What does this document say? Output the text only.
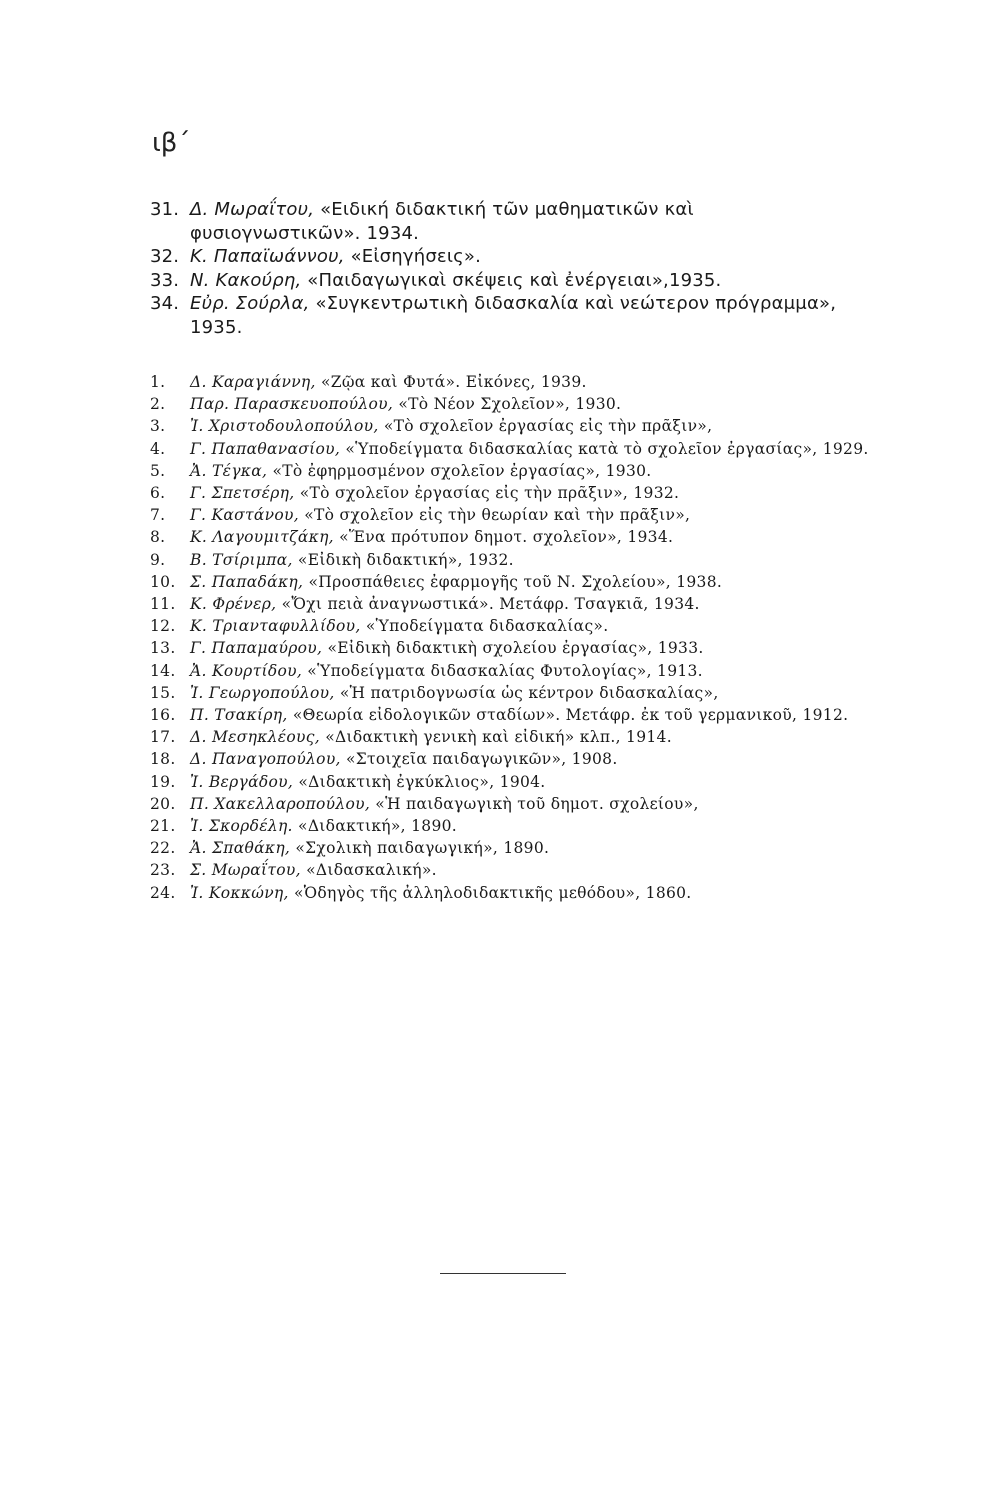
ιβ΄
31. Δ. Μωραΐτου, «Ειδική διδακτική τῶν μαθηματικῶν καὶ φυσιογνωστικῶν». 1934.
32. Κ. Παπαϊωάννου, «Εἰσηγήσεις».
33. Ν. Κακούρη, «Παιδαγωγικαὶ σκέψεις καὶ ἐνέργειαι»,1935.
34. Εὐρ. Σούρλα, «Συγκεντρωτικὴ διδασκαλία καὶ νεώτερον πρόγραμμα», 1935.
1.	Δ. Καραγιάννη, «Ζῷα καὶ Φυτά». Εἰκόνες, 1939.
2.	Παρ. Παρασκευοπούλου, «Τὸ Νέον Σχολεῖον», 1930.
3.	Ἰ. Χριστοδουλοπούλου, «Τὸ σχολεῖον ἐργασίας εἰς τὴν πρᾶξιν»,
4.	Γ. Παπαθανασίου, «Ὑποδείγματα διδασκαλίας κατὰ τὸ σχολεῖον ἐργασίας», 1929.
5.	Ἀ. Τέγκα, «Τὸ ἐφηρμοσμένον σχολεῖον ἐργασίας», 1930.
6.	Γ. Σπετσέρη, «Τὸ σχολεῖον ἐργασίας εἰς τὴν πρᾶξιν», 1932.
7.	Γ. Καστάνου, «Τὸ σχολεῖον εἰς τὴν θεωρίαν καὶ τὴν πρᾶξιν»,
8.	Κ. Λαγουμιτζάκη, «Ἕνα πρότυπον δημοτ. σχολεῖον», 1934.
9.	Β. Τσίριμπα, «Εἰδικὴ διδακτική», 1932.
10. Σ. Παπαδάκη, «Προσπάθειες ἐφαρμογῆς τοῦ Ν. Σχολείου», 1938.
11. Κ. Φρένερ, «Ὄχι πειὰ ἀναγνωστικά». Μετάφρ. Τσαγκιᾶ, 1934.
12. Κ. Τριανταφυλλίδου, «Ὑποδείγματα διδασκαλίας».
13. Γ. Παπαμαύρου, «Εἰδικὴ διδακτικὴ σχολείου ἐργασίας», 1933.
14. Ἀ. Κουρτίδου, «Ὑποδείγματα διδασκαλίας Φυτολογίας», 1913.
15. Ἰ. Γεωργοπούλου, «Ἡ πατριδογνωσία ὡς κέντρον διδασκαλίας»,
16. Π. Τσακίρη, «Θεωρία εἰδολογικῶν σταδίων». Μετάφρ. ἐκ τοῦ γερμανικοῦ, 1912.
17. Δ. Μεσηκλέους, «Διδακτικὴ γενικὴ καὶ εἰδική» κλπ., 1914.
18. Δ. Παναγοπούλου, «Στοιχεῖα παιδαγωγικῶν», 1908.
19. Ἰ. Βεργάδου, «Διδακτικὴ ἐγκύκλιος», 1904.
20. Π. Χακελλαροπούλου, «Ἡ παιδαγωγικὴ τοῦ δημοτ. σχολείου»,
21. Ἰ. Σκορδέλη. «Διδακτική», 1890.
22. Ἀ. Σπαθάκη, «Σχολικὴ παιδαγωγική», 1890.
23. Σ. Μωραΐτου, «Διδασκαλική».
24. Ἰ. Κοκκώνη, «Ὁδηγὸς τῆς ἀλληλοδιδακτικῆς μεθόδου», 1860.
